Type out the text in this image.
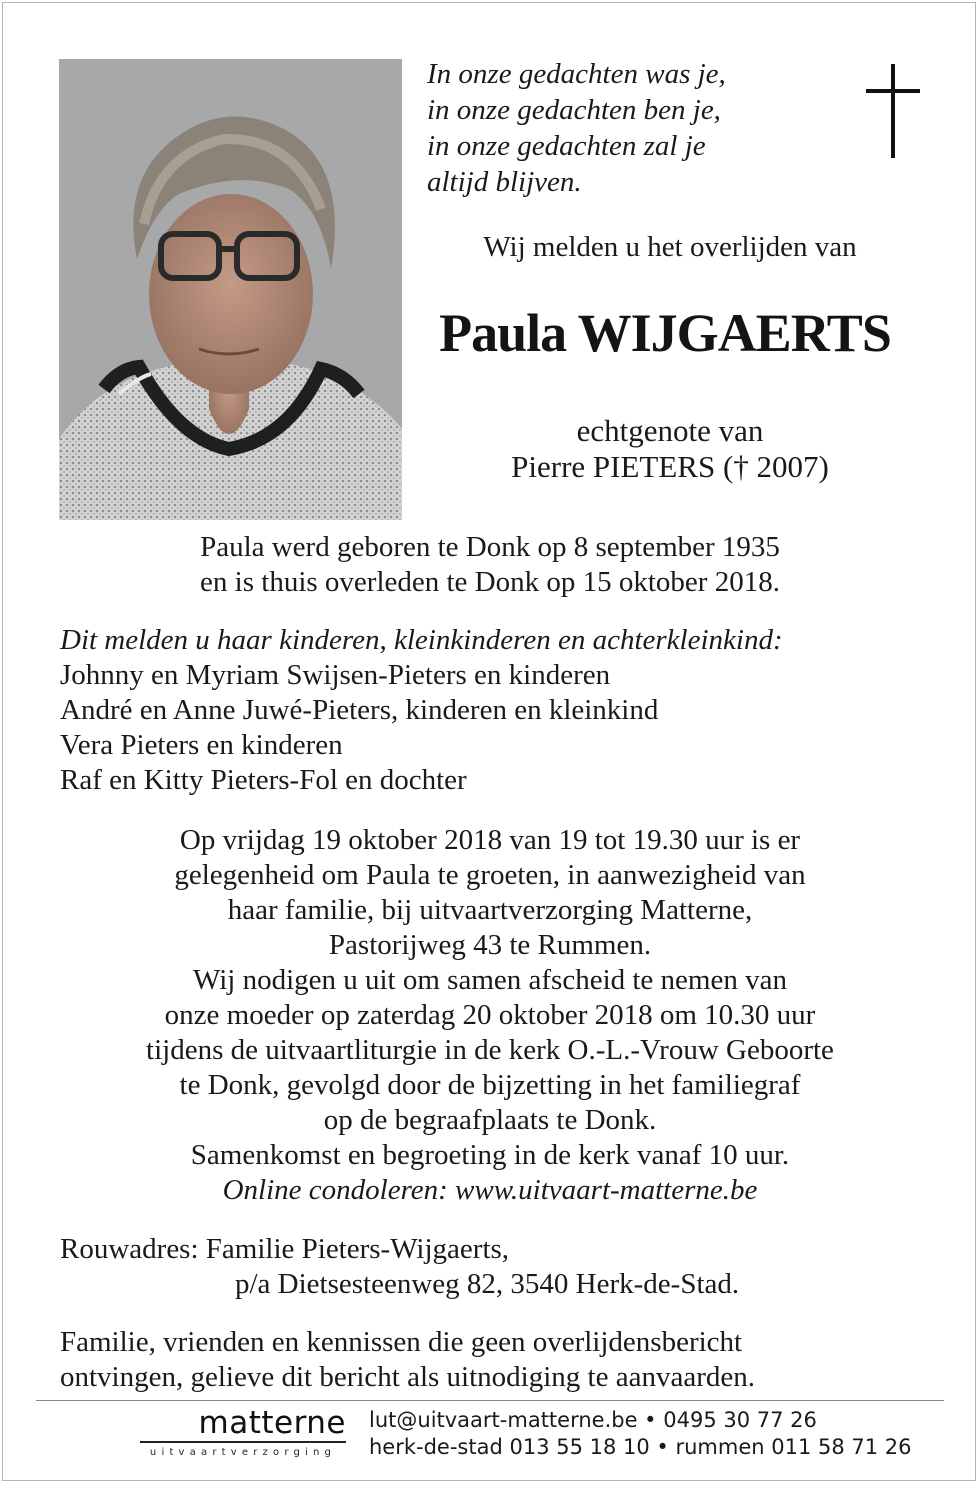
In onze gedachten was je,
in onze gedachten ben je,
in onze gedachten zal je
altijd blijven.
Wij melden u het overlijden van
Paula WIJGAERTS
echtgenote van
Pierre PIETERS († 2007)
Paula werd geboren te Donk op 8 september 1935
en is thuis overleden te Donk op 15 oktober 2018.
Dit melden u haar kinderen, kleinkinderen en achterkleinkind:
Johnny en Myriam Swijsen-Pieters en kinderen
André en Anne Juwé-Pieters, kinderen en kleinkind
Vera Pieters en kinderen
Raf en Kitty Pieters-Fol en dochter
Op vrijdag 19 oktober 2018 van 19 tot 19.30 uur is er
gelegenheid om Paula te groeten, in aanwezigheid van
haar familie, bij uitvaartverzorging Matterne,
Pastorijweg 43 te Rummen.
Wij nodigen u uit om samen afscheid te nemen van
onze moeder op zaterdag 20 oktober 2018 om 10.30 uur
tijdens de uitvaartliturgie in de kerk O.-L.-Vrouw Geboorte
te Donk, gevolgd door de bijzetting in het familiegraf
op de begraafplaats te Donk.
Samenkomst en begroeting in de kerk vanaf 10 uur.
Online condoleren: www.uitvaart-matterne.be
Rouwadres: Familie Pieters-Wijgaerts,
p/a Dietsesteenweg 82, 3540 Herk-de-Stad.
Familie, vrienden en kennissen die geen overlijdensbericht
ontvingen, gelieve dit bericht als uitnodiging te aanvaarden.
matterne
uitvaartverzorging
lut@uitvaart-matterne.be • 0495 30 77 26
herk-de-stad 013 55 18 10 • rummen 011 58 71 26
